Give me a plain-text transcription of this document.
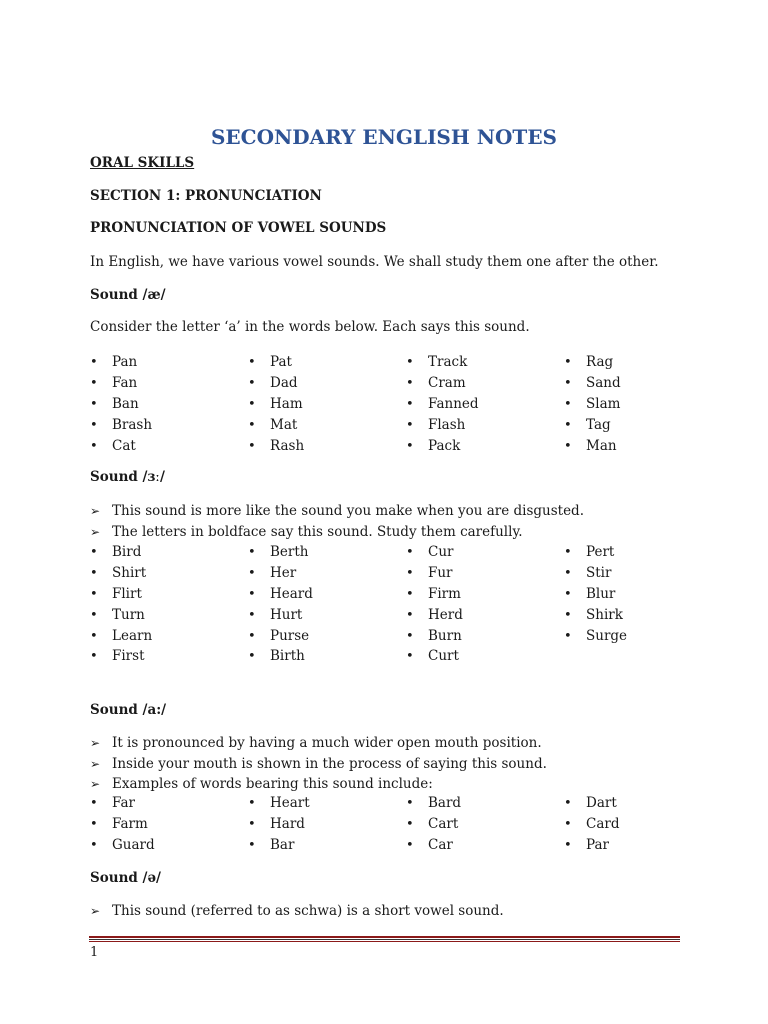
SECONDARY ENGLISH NOTES
ORAL SKILLS
SECTION 1: PRONUNCIATION
PRONUNCIATION OF VOWEL SOUNDS
In English, we have various vowel sounds. We shall study them one after the other.
Sound /æ/
Consider the letter ‘a’ in the words below. Each says this sound.
• Pan	• Pat	• Track	• Rag
• Fan	• Dad	• Cram	• Sand
• Ban	• Ham	• Fanned	• Slam
• Brash	• Mat	• Flash	• Tag
• Cat	• Rash	• Pack	• Man
Sound /ɜː/
➢ This sound is more like the sound you make when you are disgusted.
➢ The letters in boldface say this sound. Study them carefully.
• Bird	• Berth	• Cur	• Pert
• Shirt	• Her	• Fur	• Stir
• Flirt	• Heard	• Firm	• Blur
• Turn	• Hurt	• Herd	• Shirk
• Learn	• Purse	• Burn	• Surge
• First	• Birth	• Curt
Sound /a:/
➢ It is pronounced by having a much wider open mouth position.
➢ Inside your mouth is shown in the process of saying this sound.
➢ Examples of words bearing this sound include:
• Far	• Heart	• Bard	• Dart
• Farm	• Hard	• Cart	• Card
• Guard	• Bar	• Car	• Par
Sound /ə/
➢ This sound (referred to as schwa) is a short vowel sound.
1
